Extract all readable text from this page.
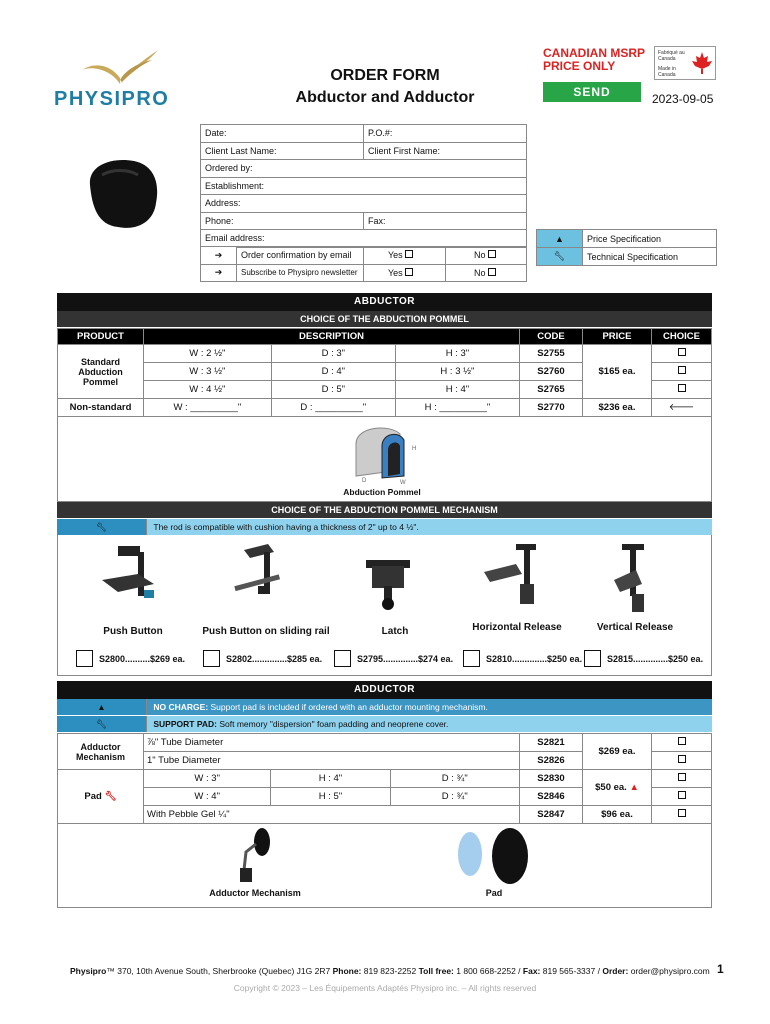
PHYSIPRO
ORDER FORM
Abductor and Adductor
CANADIAN MSRP
PRICE ONLY
Fabriqué au Canada
Made in Canada
SEND	2023-09-05
Date:	P.O.#:
Client Last Name:	Client First Name:
Ordered by:	
Establishment:	
Address:	
Phone:	Fax:
Email address:	
➔	Order confirmation by email	Yes	No
➔	Subscribe to Physipro newsletter	Yes	No
▲	Price Specification
🔧︎	Technical Specification
ABDUCTOR
CHOICE OF THE ABDUCTION POMMEL
PRODUCT	DESCRIPTION			CODE	PRICE	CHOICE
Standard Abduction Pommel	W : 2 ½"	D : 3"	H : 3"	S2755	$165 ea.	
	W : 3 ½"	D : 4"	H : 3 ½"	S2760		
	W : 4 ½"	D : 5"	H : 4"	S2765		
Non-standard	W : _________"	D : _________"	H : _________"	S2770	$236 ea.	🡐
H
D	W
Abduction Pommel
CHOICE OF THE ABDUCTION POMMEL MECHANISM
🔧︎	The rod is compatible with cushion having a thickness of 2" up to 4 ½".
Push Button	Push Button on sliding rail	Latch	Horizontal Release	Vertical Release
S2800..........$269 ea.	S2802..............$285 ea.	S2795..............$274 ea.	S2810..............$250 ea.	S2815..............$250 ea.
ADDUCTOR
▲	NO CHARGE: Support pad is included if ordered with an adductor mounting mechanism.
🔧︎	SUPPORT PAD: Soft memory "dispersion" foam padding and neoprene cover.
Adductor Mechanism	⅞" Tube Diameter			S2821	$269 ea.	
	1" Tube Diameter			S2826		
Pad 🔧︎	W : 3"	H : 4"	D : ¾"	S2830	$50 ea. ▲	
	W : 4"	H : 5"	D : ¾"	S2846		
	With Pebble Gel ¼"			S2847	$96 ea.	
Adductor Mechanism	Pad
Physipro™ 370, 10th Avenue South, Sherbrooke (Quebec) J1G 2R7 Phone: 819 823-2252 Toll free: 1 800 668-2252 / Fax: 819 565-3337 / Order: order@physipro.com 1
Copyright © 2023 – Les Équipements Adaptés Physipro inc. – All rights reserved
